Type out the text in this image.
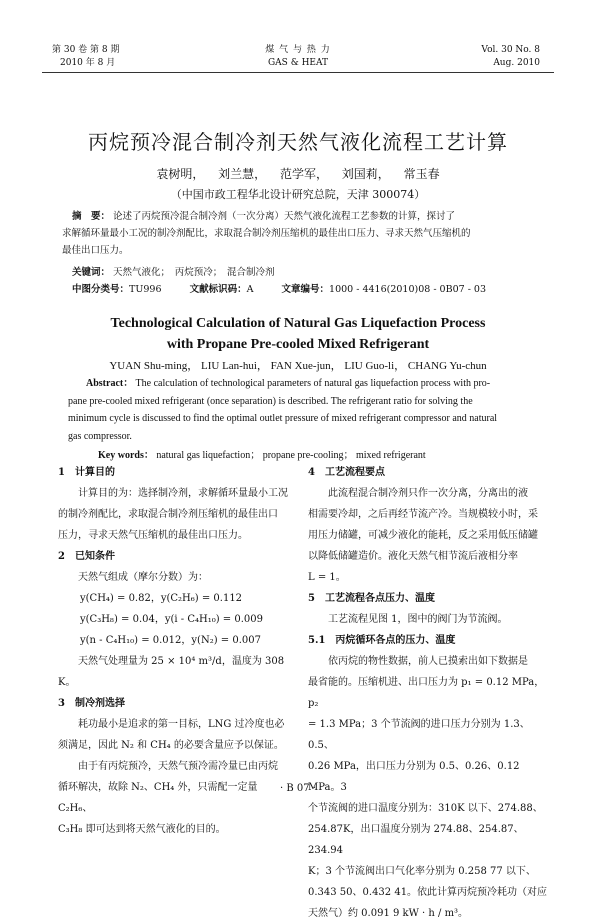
第 30 卷 第 8 期
2010 年 8 月
煤 气 与 热 力
GAS & HEAT
Vol. 30 No. 8
Aug. 2010
丙烷预冷混合制冷剂天然气液化流程工艺计算
袁树明， 刘兰慧， 范学军， 刘国莉， 常玉春
（中国市政工程华北设计研究总院，天津 300074）
摘　要： 论述了丙烷预冷混合制冷剂（一次分离）天然气液化流程工艺参数的计算，探讨了
求解循环量最小工况的制冷剂配比，求取混合制冷剂压缩机的最佳出口压力、寻求天然气压缩机的
最佳出口压力。
关键词： 天然气液化；　丙烷预冷；　混合制冷剂
中图分类号：TU996	文献标识码：A	文章编号：1000 - 4416(2010)08 - 0B07 - 03
Technological Calculation of Natural Gas Liquefaction Process
with Propane Pre-cooled Mixed Refrigerant
YUAN Shu-ming， LIU Lan-hui， FAN Xue-jun， LIU Guo-li， CHANG Yu-chun
Abstract： The calculation of technological parameters of natural gas liquefaction process with pro-
pane pre-cooled mixed refrigerant (once separation) is described. The refrigerant ratio for solving the
minimum cycle is discussed to find the optimal outlet pressure of mixed refrigerant compressor and natural
gas compressor.
Key words： natural gas liquefaction； propane pre-cooling； mixed refrigerant

1　计算目的

计算目的为：选择制冷剂，求解循环量最小工况

的制冷剂配比，求取混合制冷剂压缩机的最佳出口

压力，寻求天然气压缩机的最佳出口压力。

2　已知条件

天然气组成（摩尔分数）为：

y(CH₄) = 0.82，y(C₂H₆) = 0.112

y(C₃H₈) = 0.04，y(i - C₄H₁₀) = 0.009

y(n - C₄H₁₀) = 0.012，y(N₂) = 0.007

天然气处理量为 25 × 10⁴ m³/d，温度为 308 K。

3　制冷剂选择

耗功最小是追求的第一目标，LNG 过冷度也必

须满足，因此 N₂ 和 CH₄ 的必要含量应予以保证。

由于有丙烷预冷，天然气预冷需冷量已由丙烷

循环解决，故除 N₂、CH₄ 外，只需配一定量 C₂H₆、

C₃H₈ 即可达到将天然气液化的目的。

4　工艺流程要点

此流程混合制冷剂只作一次分离，分离出的液

相需要冷却，之后再经节流产冷。当规模较小时，采

用压力储罐，可减少液化的能耗，反之采用低压储罐

以降低储罐造价。液化天然气相节流后液相分率

L = 1。

5　工艺流程各点压力、温度

工艺流程见图 1，图中的阀门为节流阀。

5.1　丙烷循环各点的压力、温度

依丙烷的物性数据，前人已摸索出如下数据是

最省能的。压缩机进、出口压力为 p₁ = 0.12 MPa，p₂

= 1.3 MPa；3 个节流阀的进口压力分别为 1.3、0.5、

0.26 MPa，出口压力分别为 0.5、0.26、0.12 MPa。3

个节流阀的进口温度分别为：310K 以下、274.88、

254.87K，出口温度分别为 274.88、254.87、234.94

K；3 个节流阀出口气化率分别为 0.258 77 以下、

0.343 50、0.432 41。依此计算丙烷预冷耗功（对应

天然气）约 0.091 9 kW · h / m³。

· B 07 ·
